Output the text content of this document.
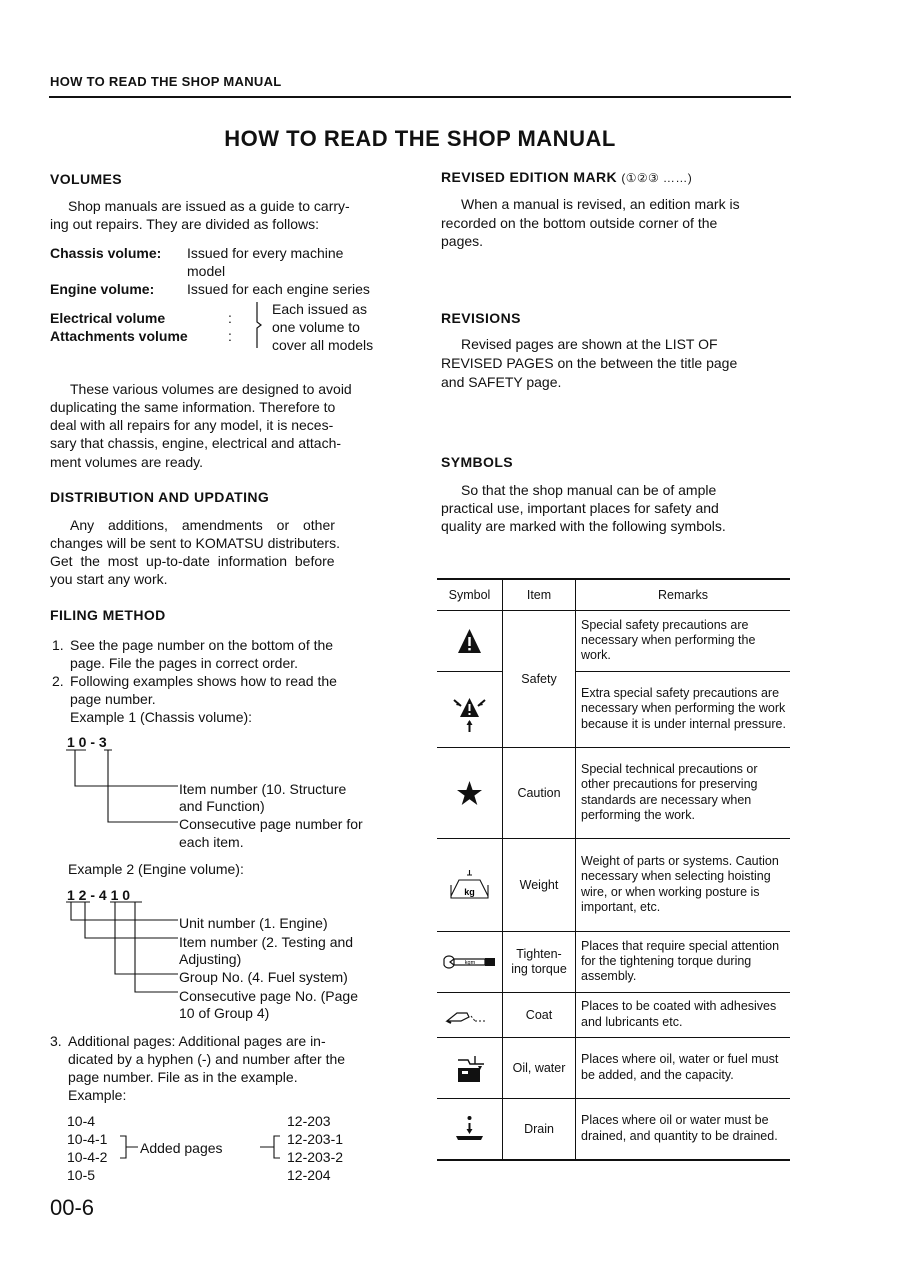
HOW TO READ THE SHOP MANUAL
HOW TO READ THE SHOP MANUAL
VOLUMES
Shop manuals are issued as a guide to carry-
ing out repairs. They are divided as follows:
Chassis volume: Issued for every machine
model
Engine volume: Issued for each engine series
Electrical volume
Attachments volume
:
:
Each issued as
one volume to
cover all models
These various volumes are designed to avoid
duplicating the same information. Therefore to
deal with all repairs for any model, it is neces-
sary that chassis, engine, electrical and attach-
ment volumes are ready.
DISTRIBUTION AND UPDATING
Any additions, amendments or other
changes will be sent to KOMATSU distributers.
Get the most up-to-date information before
you start any work.
FILING METHOD
1. See the page number on the bottom of the
page. File the pages in correct order.
2. Following examples shows how to read the
page number.
Example 1 (Chassis volume):
1 0 - 3
Item number (10. Structure
and Function)
Consecutive page number for
each item.
Example 2 (Engine volume):
1 2 - 4 1 0
Unit number (1. Engine)
Item number (2. Testing and
Adjusting)
Group No. (4. Fuel system)
Consecutive page No. (Page
10 of Group 4)
3. Additional pages: Additional pages are in-
dicated by a hyphen (-) and number after the
page number. File as in the example.
Example:
10-4
10-4-1
10-4-2
10-5
Added pages
12-203
12-203-1
12-203-2
12-204
00-6
REVISED EDITION MARK (①②③ ……)
When a manual is revised, an edition mark is
recorded on the bottom outside corner of the
pages.
REVISIONS
Revised pages are shown at the LIST OF
REVISED PAGES on the between the title page
and SAFETY page.
SYMBOLS
So that the shop manual can be of ample
practical use, important places for safety and
quality are marked with the following symbols.
Symbol	Item	Remarks

	Safety	Special safety precautions are necessary when performing the work.

	Extra special safety precautions are necessary when performing the work because it is under internal pressure.

	Caution	Special technical precautions or other precautions for preserving standards are necessary when performing the work.

kg	Weight	Weight of parts or systems. Caution necessary when selecting hoisting wire, or when working posture is important, etc.

kgm	Tighten-
ing torque	Places that require special attention for the tightening torque during assembly.

	Coat	Places to be coated with adhesives and lubricants etc.

	Oil, water	Places where oil, water or fuel must be added, and the capacity.

	Drain	Places where oil or water must be drained, and quantity to be drained.
